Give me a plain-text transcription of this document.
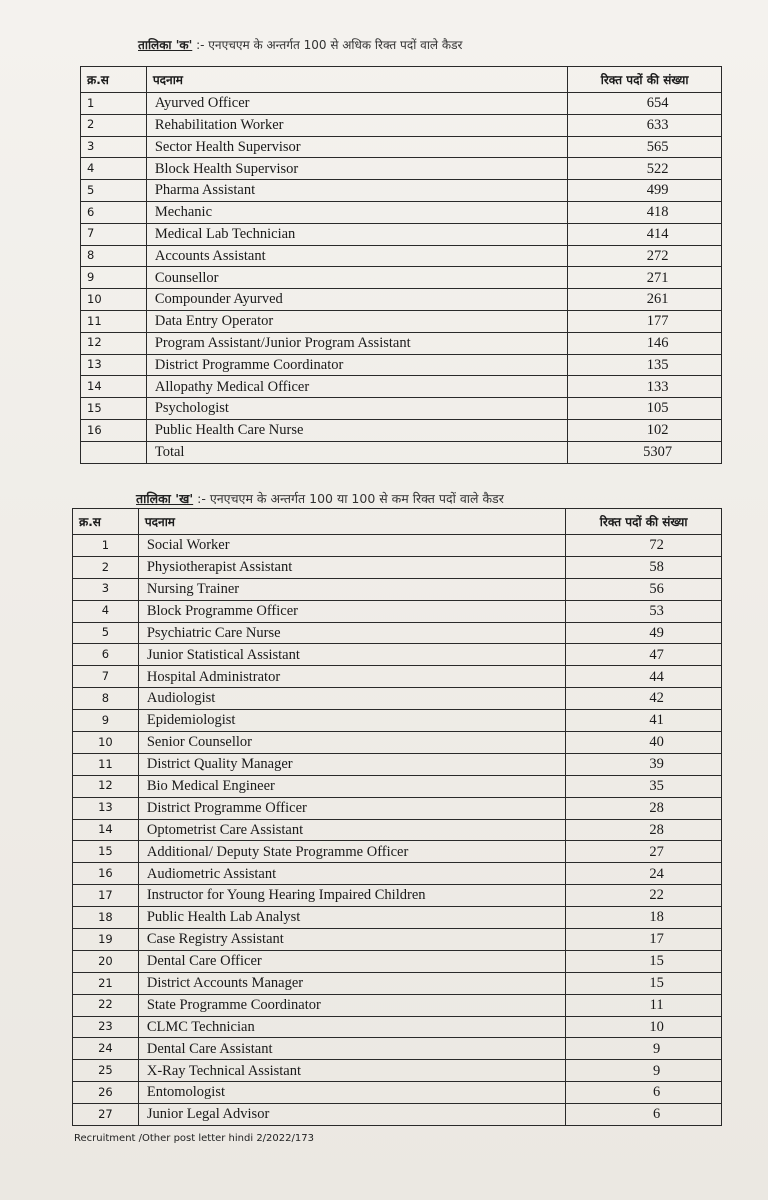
तालिका 'क' :- एनएचएम के अन्तर्गत 100 से अधिक रिक्त पदों वाले कैडर
क्र.स	पदनाम	रिक्त पदों की संख्या
1	Ayurved Officer	654
2	Rehabilitation Worker	633
3	Sector Health Supervisor	565
4	Block Health Supervisor	522
5	Pharma Assistant	499
6	Mechanic	418
7	Medical Lab Technician	414
8	Accounts Assistant	272
9	Counsellor	271
10	Compounder Ayurved	261
11	Data Entry Operator	177
12	Program Assistant/Junior Program Assistant	146
13	District Programme Coordinator	135
14	Allopathy Medical Officer	133
15	Psychologist	105
16	Public Health Care Nurse	102
	Total	5307
तालिका 'ख' :- एनएचएम के अन्तर्गत 100 या 100 से कम रिक्त पदों वाले कैडर
क्र.स	पदनाम	रिक्त पदों की संख्या
1	Social Worker	72
2	Physiotherapist Assistant	58
3	Nursing Trainer	56
4	Block Programme Officer	53
5	Psychiatric Care Nurse	49
6	Junior Statistical Assistant	47
7	Hospital Administrator	44
8	Audiologist	42
9	Epidemiologist	41
10	Senior Counsellor	40
11	District Quality Manager	39
12	Bio Medical Engineer	35
13	District Programme Officer	28
14	Optometrist Care Assistant	28
15	Additional/ Deputy State Programme Officer	27
16	Audiometric Assistant	24
17	Instructor for Young Hearing Impaired Children	22
18	Public Health Lab Analyst	18
19	Case Registry Assistant	17
20	Dental Care Officer	15
21	District Accounts Manager	15
22	State Programme Coordinator	11
23	CLMC Technician	10
24	Dental Care Assistant	9
25	X-Ray Technical Assistant	9
26	Entomologist	6
27	Junior Legal Advisor	6
Recruitment /Other post letter hindi 2/2022/173
